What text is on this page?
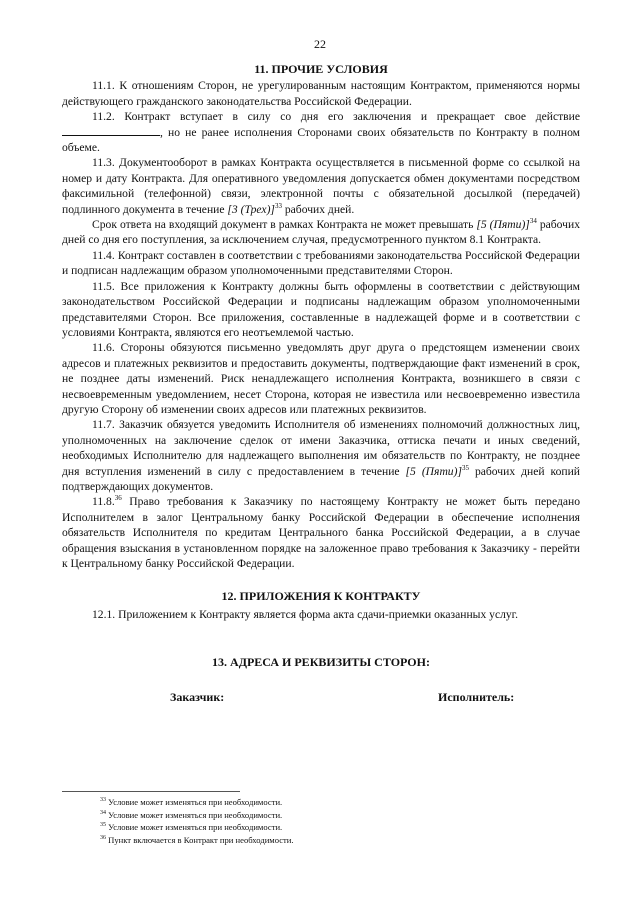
22
11. ПРОЧИЕ УСЛОВИЯ

11.1. К отношениям Сторон, не урегулированным настоящим Контрактом, применяются нормы действующего гражданского законодательства Российской Федерации.

11.2. Контракт вступает в силу со дня его заключения и прекращает свое действие , но не ранее исполнения Сторонами своих обязательств по Контракту в полном объеме.

11.3. Документооборот в рамках Контракта осуществляется в письменной форме со ссылкой на номер и дату Контракта. Для оперативного уведомления допускается обмен документами посредством факсимильной (телефонной) связи, электронной почты с обязательной досылкой (передачей) подлинного документа в течение [3 (Трех)]$^{33}$ рабочих дней.

Срок ответа на входящий документ в рамках Контракта не может превышать [5 (Пяти)]$^{34}$ рабочих дней со дня его поступления, за исключением случая, предусмотренного пунктом 8.1 Контракта.

11.4. Контракт составлен в соответствии с требованиями законодательства Российской Федерации и подписан надлежащим образом уполномоченными представителями Сторон.

11.5. Все приложения к Контракту должны быть оформлены в соответствии с действующим законодательством Российской Федерации и подписаны надлежащим образом уполномоченными представителями Сторон. Все приложения, составленные в надлежащей форме и в соответствии с условиями Контракта, являются его неотъемлемой частью.

11.6. Стороны обязуются письменно уведомлять друг друга о предстоящем изменении своих адресов и платежных реквизитов и предоставить документы, подтверждающие факт изменений в срок, не позднее даты изменений. Риск ненадлежащего исполнения Контракта, возникшего в связи с несвоевременным уведомлением, несет Сторона, которая не известила или несвоевременно известила другую Сторону об изменении своих адресов или платежных реквизитов.

11.7. Заказчик обязуется уведомить Исполнителя об изменениях полномочий должностных лиц, уполномоченных на заключение сделок от имени Заказчика, оттиска печати и иных сведений, необходимых Исполнителю для надлежащего выполнения им обязательств по Контракту, не позднее дня вступления изменений в силу с предоставлением в течение [5 (Пяти)]$^{35}$ рабочих дней копий подтверждающих документов.

11.8.36 Право требования к Заказчику по настоящему Контракту не может быть передано Исполнителем в залог Центральному банку Российской Федерации в обеспечение исполнения обязательств Исполнителя по кредитам Центрального банка Российской Федерации, а в случае обращения взыскания в установленном порядке на заложенное право требования к Заказчику - перейти к Центральному банку Российской Федерации.

12. ПРИЛОЖЕНИЯ К КОНТРАКТУ

12.1. Приложением к Контракту является форма акта сдачи-приемки оказанных услуг.

13. АДРЕСА И РЕКВИЗИТЫ СТОРОН:
Заказчик:	Исполнитель:
$^{33}$ Условие может изменяться при необходимости.
$^{34}$ Условие может изменяться при необходимости.
$^{35}$ Условие может изменяться при необходимости.
$^{36}$ Пункт включается в Контракт при необходимости.
